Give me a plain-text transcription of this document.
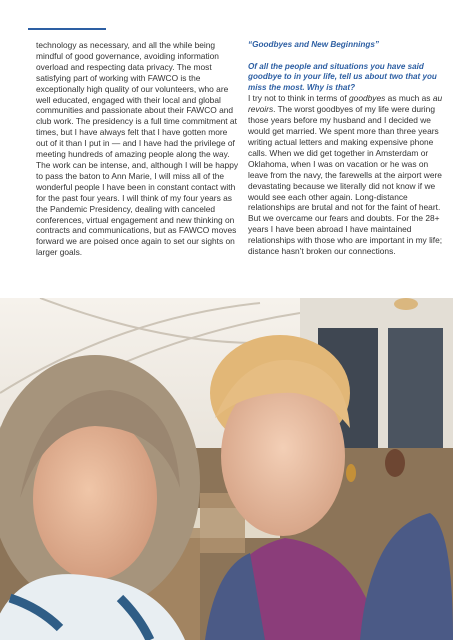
technology as necessary, and all the while being mindful of good governance, avoiding information overload and respecting data privacy. The most satisfying part of working with FAWCO is the exceptionally high quality of our volunteers, who are well educated, engaged with their local and global communities and passionate about their FAWCO and club work. The presidency is a full time commitment at times, but I have always felt that I have gotten more out of it than I put in — and I have had the privilege of meeting hundreds of amazing people along the way. The work can be intense, and, although I will be happy to pass the baton to Ann Marie, I will miss all of the wonderful people I have been in constant contact with for the past four years. I will think of my four years as the Pandemic Presidency, dealing with canceled conferences, virtual engagement and new thinking on contracts and communications, but as FAWCO moves forward we are poised once again to set our sights on larger goals.

“Goodbyes and New Beginnings”

Of all the people and situations you have said goodbye to in your life, tell us about two that you miss the most. Why is that?

I try not to think in terms of goodbyes as much as au revoirs. The worst goodbyes of my life were during those years before my husband and I decided we would get married. We spent more than three years writing actual letters and making expensive phone calls. When we did get together in Amsterdam or Oklahoma, when I was on vacation or he was on leave from the navy, the farewells at the airport were devastating because we literally did not know if we would see each other again. Long-distance relationships are brutal and not for the faint of heart. But we overcame our fears and doubts. For the 28+ years I have been abroad I have maintained relationships with those who are important in my life; distance hasn’t broken our connections.
